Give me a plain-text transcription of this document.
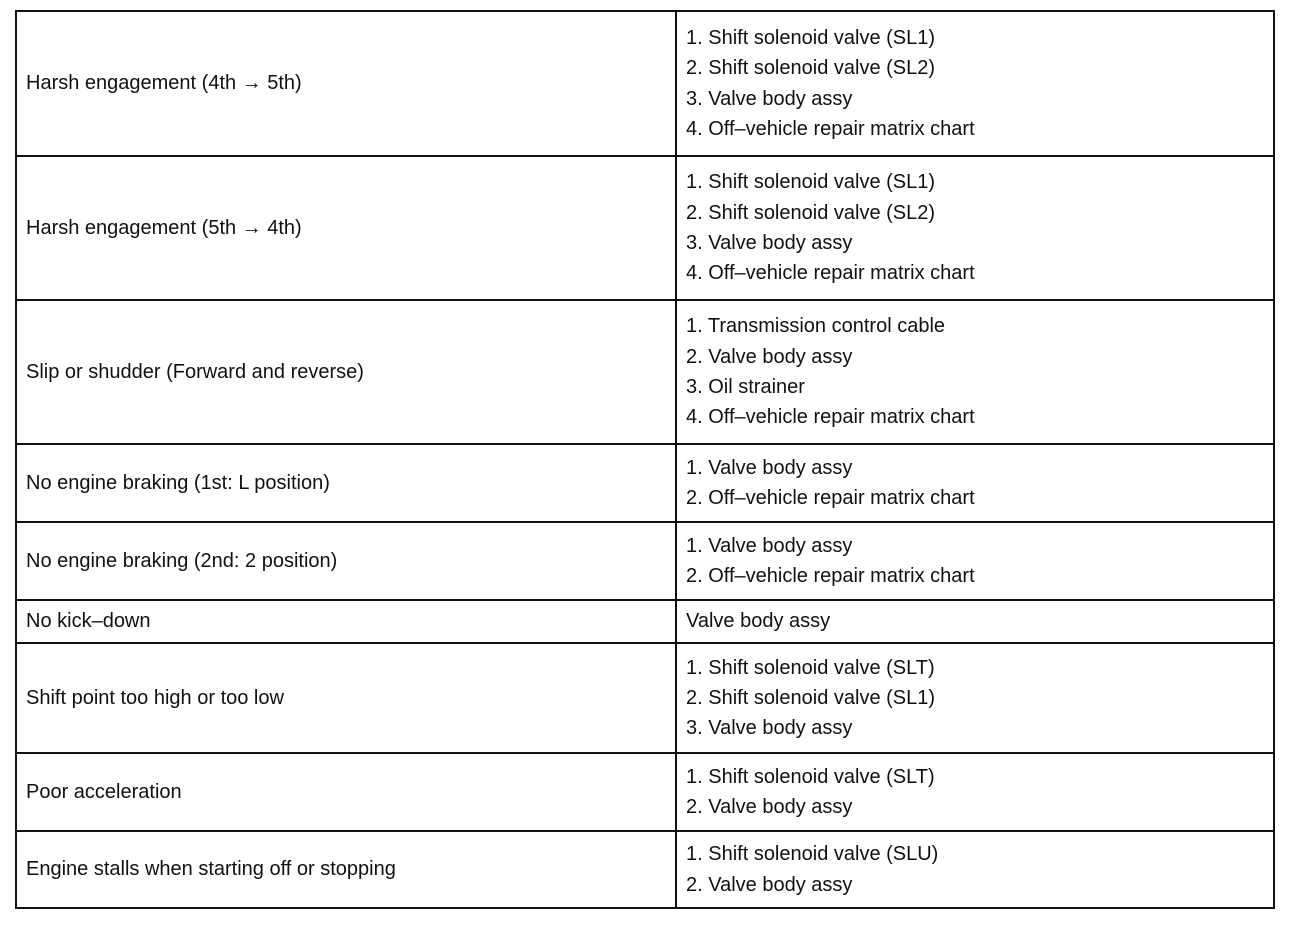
Harsh engagement (4th → 5th)	1. Shift solenoid valve (SL1)
2. Shift solenoid valve (SL2)
3. Valve body assy
4. Off–vehicle repair matrix chart

Harsh engagement (5th → 4th)	1. Shift solenoid valve (SL1)
2. Shift solenoid valve (SL2)
3. Valve body assy
4. Off–vehicle repair matrix chart

Slip or shudder (Forward and reverse)	1. Transmission control cable
2. Valve body assy
3. Oil strainer
4. Off–vehicle repair matrix chart

No engine braking (1st: L position)	1. Valve body assy
2. Off–vehicle repair matrix chart

No engine braking (2nd: 2 position)	1. Valve body assy
2. Off–vehicle repair matrix chart

No kick–down	Valve body assy

Shift point too high or too low	1. Shift solenoid valve (SLT)
2. Shift solenoid valve (SL1)
3. Valve body assy

Poor acceleration	1. Shift solenoid valve (SLT)
2. Valve body assy

Engine stalls when starting off or stopping	1. Shift solenoid valve (SLU)
2. Valve body assy
